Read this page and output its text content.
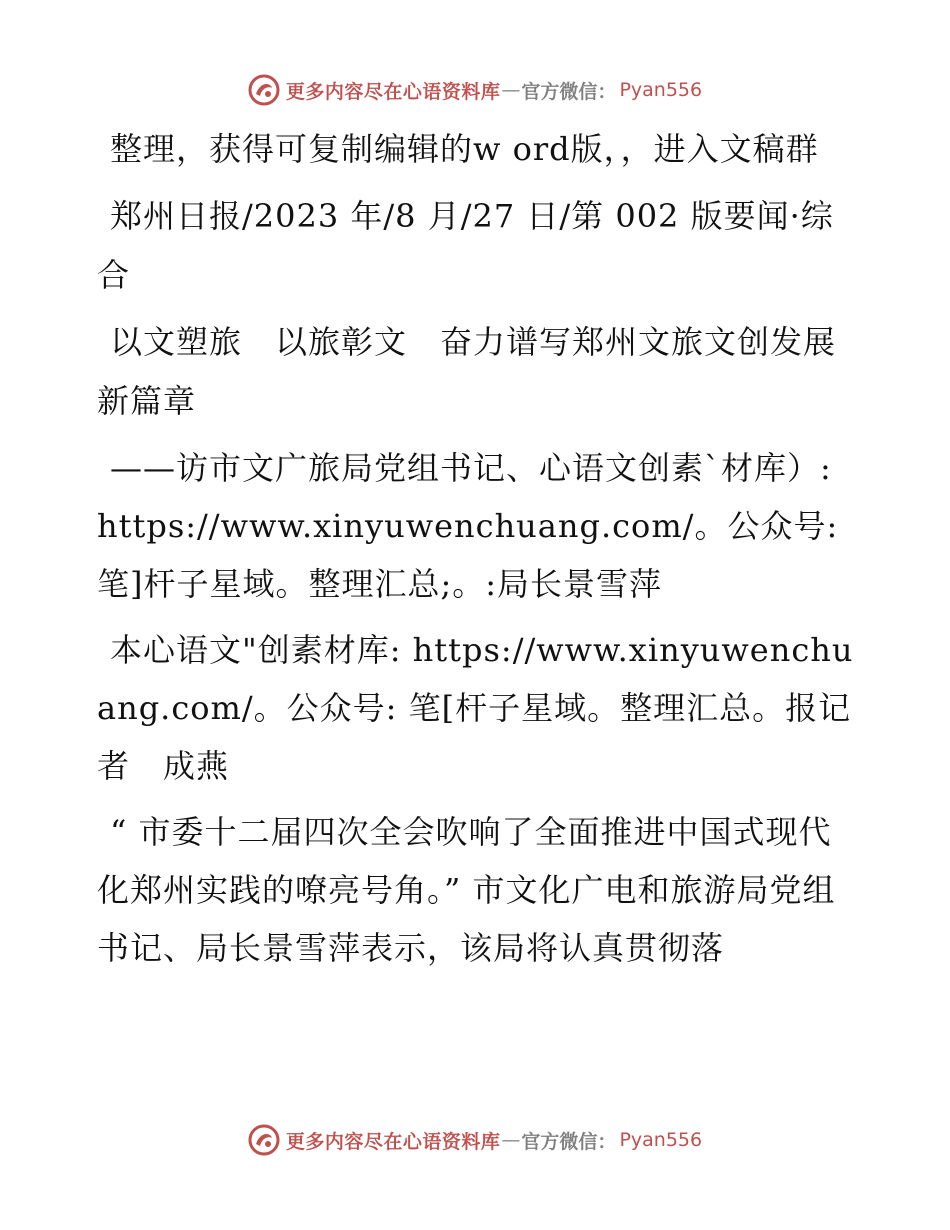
更多内容尽在心语资料库 — 官方微信： Pyan556

整理，获得可复制编辑的w ord版，，进入文稿群

郑州日报/2023 年/8 月/27 日/第 002 版要闻·综合

以文塑旅　以旅彰文　奋力谱写郑州文旅文创发展新篇章

——访市文广旅局党组书记、心语文创素`材库）: https://www.xinyuwenchuang.com/。公众号: 笔]杆子星域。整理汇总;。:局长景雪萍

本心语文"创素材库: https://www.xinyuwenchuang.com/。公众号: 笔[杆子星域。整理汇总。报记者　成燕

“ 市委十二届四次全会吹响了全面推进中国式现代化郑州实践的嘹亮号角。” 市文化广电和旅游局党组书记、局长景雪萍表示，该局将认真贯彻落

更多内容尽在心语资料库 — 官方微信： Pyan556
